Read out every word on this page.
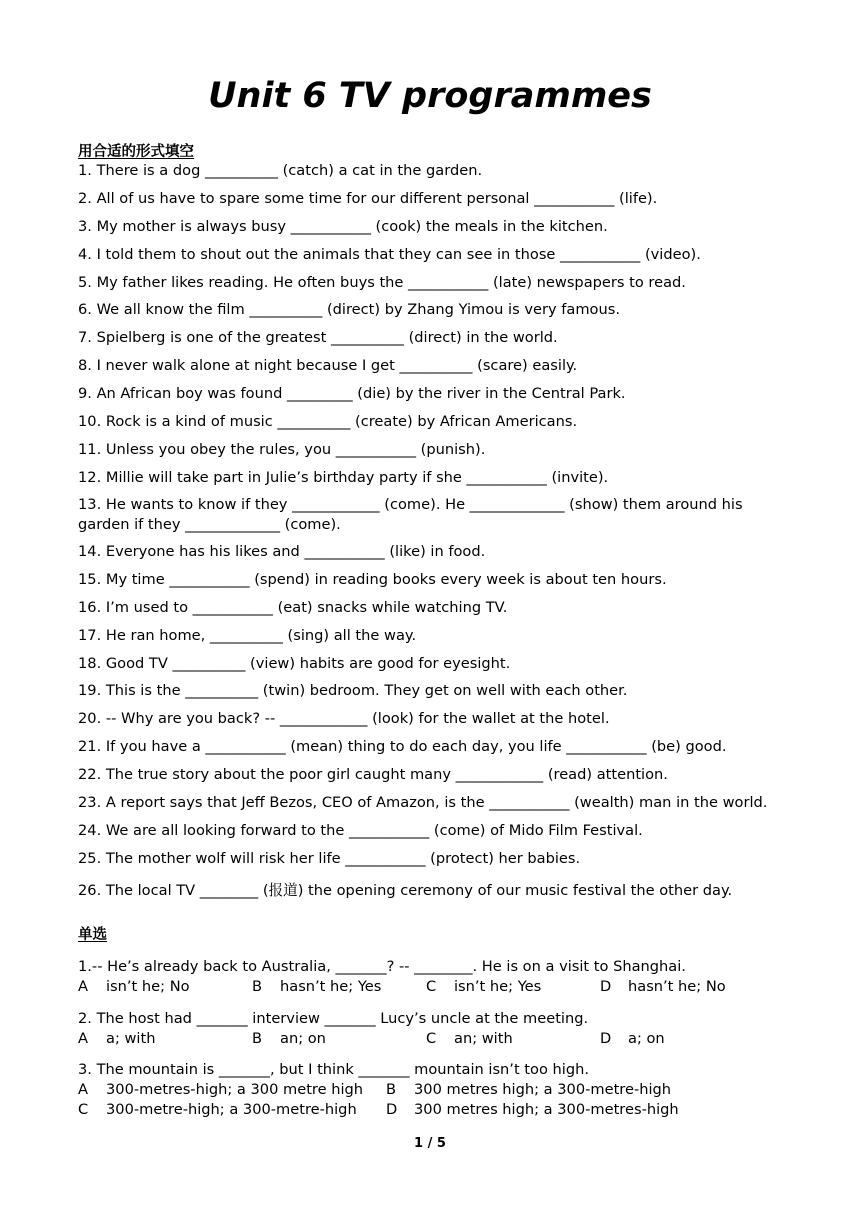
Unit 6 TV programmes
用合适的形式填空
1. There is a dog __________ (catch) a cat in the garden.
2. All of us have to spare some time for our different personal ___________ (life).
3. My mother is always busy ___________ (cook) the meals in the kitchen.
4. I told them to shout out the animals that they can see in those ___________ (video).
5. My father likes reading. He often buys the ___________ (late) newspapers to read.
6. We all know the film __________ (direct) by Zhang Yimou is very famous.
7. Spielberg is one of the greatest __________ (direct) in the world.
8. I never walk alone at night because I get __________ (scare) easily.
9. An African boy was found _________ (die) by the river in the Central Park.
10. Rock is a kind of music __________ (create) by African Americans.
11. Unless you obey the rules, you ___________ (punish).
12. Millie will take part in Julie’s birthday party if she ___________ (invite).
13. He wants to know if they ____________ (come). He _____________ (show) them around his garden if they _____________ (come).
14. Everyone has his likes and ___________ (like) in food.
15. My time ___________ (spend) in reading books every week is about ten hours.
16. I’m used to ___________ (eat) snacks while watching TV.
17. He ran home, __________ (sing) all the way.
18. Good TV __________ (view) habits are good for eyesight.
19. This is the __________ (twin) bedroom. They get on well with each other.
20. -- Why are you back? -- ____________ (look) for the wallet at the hotel.
21. If you have a ___________ (mean) thing to do each day, you life ___________ (be) good.
22. The true story about the poor girl caught many ____________ (read) attention.
23. A report says that Jeff Bezos, CEO of Amazon, is the ___________ (wealth) man in the world.
24. We are all looking forward to the ___________ (come) of Mido Film Festival.
25. The mother wolf will risk her life ___________ (protect) her babies.
26. The local TV ________ (报道) the opening ceremony of our music festival the other day.
单选
1.-- He’s already back to Australia, _______? -- ________. He is on a visit to Shanghai.
A isn’t he; No	B hasn’t he; Yes	C isn’t he; Yes	D hasn’t he; No
2. The host had _______ interview _______ Lucy’s uncle at the meeting.
A a; with	B an; on	C an; with	D a; on
3. The mountain is _______, but I think _______ mountain isn’t too high.
A 300-metres-high; a 300 metre high	B 300 metres high; a 300-metre-high
C 300-metre-high; a 300-metre-high	D 300 metres high; a 300-metres-high
1 / 5
